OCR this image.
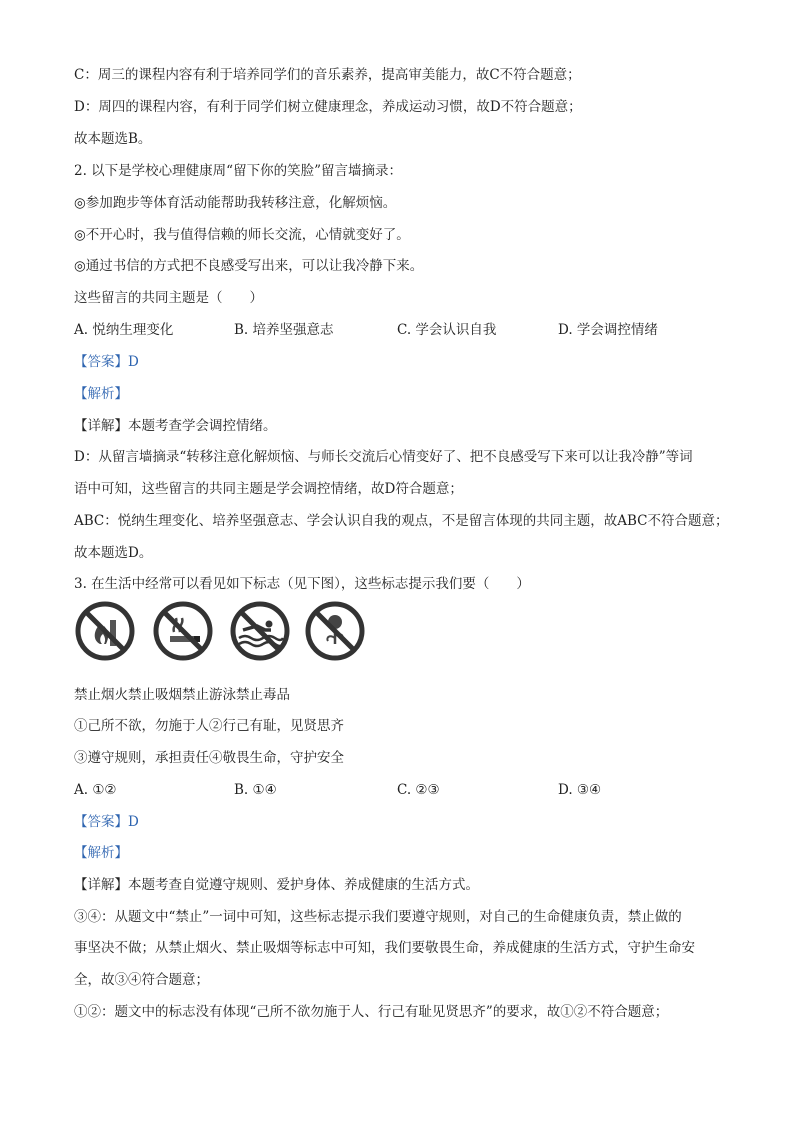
C：周三的课程内容有利于培养同学们的音乐素养，提高审美能力，故C不符合题意；
D：周四的课程内容，有利于同学们树立健康理念，养成运动习惯，故D不符合题意；
故本题选B。
2. 以下是学校心理健康周“留下你的笑脸”留言墙摘录：
◎参加跑步等体育活动能帮助我转移注意，化解烦恼。
◎不开心时，我与值得信赖的师长交流，心情就变好了。
◎通过书信的方式把不良感受写出来，可以让我冷静下来。
这些留言的共同主题是（　　）
A. 悦纳生理变化	B. 培养坚强意志	C. 学会认识自我	D. 学会调控情绪
【答案】D
【解析】
【详解】本题考查学会调控情绪。
D：从留言墙摘录“转移注意化解烦恼、与师长交流后心情变好了、把不良感受写下来可以让我冷静”等词
语中可知，这些留言的共同主题是学会调控情绪，故D符合题意；
ABC：悦纳生理变化、培养坚强意志、学会认识自我的观点，不是留言体现的共同主题，故ABC不符合题意；
故本题选D。
3. 在生活中经常可以看见如下标志（见下图），这些标志提示我们要（　　）
禁止烟火禁止吸烟禁止游泳禁止毒品
①己所不欲，勿施于人②行己有耻，见贤思齐
③遵守规则，承担责任④敬畏生命，守护安全
A. ①②	B. ①④	C. ②③	D. ③④
【答案】D
【解析】
【详解】本题考查自觉遵守规则、爱护身体、养成健康的生活方式。
③④：从题文中“禁止”一词中可知，这些标志提示我们要遵守规则，对自己的生命健康负责，禁止做的
事坚决不做；从禁止烟火、禁止吸烟等标志中可知，我们要敬畏生命，养成健康的生活方式，守护生命安
全，故③④符合题意；
①②：题文中的标志没有体现“己所不欲勿施于人、行己有耻见贤思齐”的要求，故①②不符合题意；
